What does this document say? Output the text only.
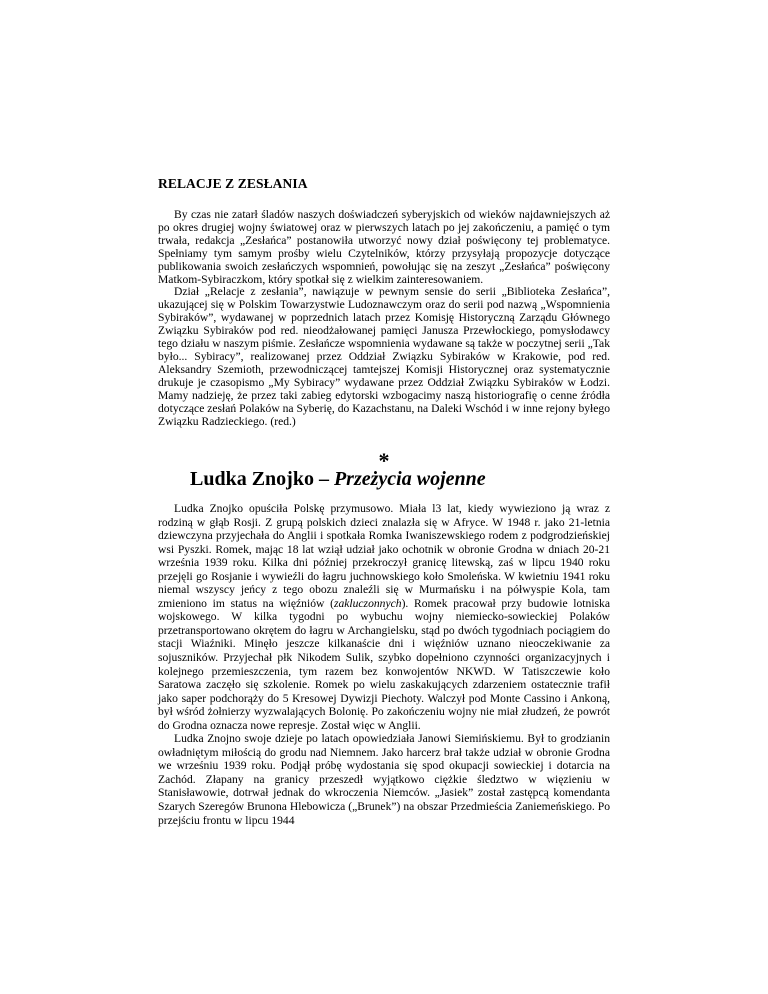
RELACJE Z ZESŁANIA

By czas nie zatarł śladów naszych doświadczeń syberyjskich od wieków najdawniejszych aż po okres drugiej wojny światowej oraz w pierwszych latach po jej zakończeniu, a pamięć o tym trwała, redakcja „Zesłańca” postanowiła utworzyć nowy dział poświęcony tej problematyce. Spełniamy tym samym prośby wielu Czytelników, którzy przysyłają propozycje dotyczące publikowania swoich zesłańczych wspomnień, powołując się na zeszyt „Zesłańca” poświęcony Matkom-Sybiraczkom, który spotkał się z wielkim zainteresowaniem.

Dział „Relacje z zesłania”, nawiązuje w pewnym sensie do serii „Biblioteka Zesłańca”, ukazującej się w Polskim Towarzystwie Ludoznawczym oraz do serii pod nazwą „Wspomnienia Sybiraków”, wydawanej w poprzednich latach przez Komisję Historyczną Zarządu Głównego Związku Sybiraków pod red. nieodżałowanej pamięci Janusza Przewłockiego, pomysłodawcy tego działu w naszym piśmie. Zesłańcze wspomnienia wydawane są także w poczytnej serii „Tak było... Sybiracy”, realizowanej przez Oddział Związku Sybiraków w Krakowie, pod red. Aleksandry Szemioth, przewodniczącej tamtejszej Komisji Historycznej oraz systematycznie drukuje je czasopismo „My Sybiracy” wydawane przez Oddział Związku Sybiraków w Łodzi. Mamy nadzieję, że przez taki zabieg edytorski wzbogacimy naszą historiografię o cenne źródła dotyczące zesłań Polaków na Syberię, do Kazachstanu, na Daleki Wschód i w inne rejony byłego Związku Radzieckiego. (red.)

*
Ludka Znojko – Przeżycia wojenne

Ludka Znojko opuściła Polskę przymusowo. Miała l3 lat, kiedy wywieziono ją wraz z rodziną w głąb Rosji. Z grupą polskich dzieci znalazła się w Afryce. W 1948 r. jako 21-letnia dziewczyna przyjechała do Anglii i spotkała Romka Iwaniszewskiego rodem z podgrodzieńskiej wsi Pyszki. Romek, mając 18 lat wziął udział jako ochotnik w obronie Grodna w dniach 20-21 września 1939 roku. Kilka dni później przekroczył granicę litewską, zaś w lipcu 1940 roku przejęli go Rosjanie i wywieźli do łagru juchnowskiego koło Smoleńska. W kwietniu 1941 roku niemal wszyscy jeńcy z tego obozu znaleźli się w Murmańsku i na półwyspie Kola, tam zmieniono im status na więźniów (zakluczonnych). Romek pracował przy budowie lotniska wojskowego. W kilka tygodni po wybuchu wojny niemiecko-sowieckiej Polaków przetransportowano okrętem do łagru w Archangielsku, stąd po dwóch tygodniach pociągiem do stacji Wiaźniki. Minęło jeszcze kilkanaście dni i więźniów uznano nieoczekiwanie za sojuszników. Przyjechał płk Nikodem Sulik, szybko dopełniono czynności organizacyjnych i kolejnego przemieszczenia, tym razem bez konwojentów NKWD. W Tatiszczewie koło Saratowa zaczęło się szkolenie. Romek po wielu zaskakujących zdarzeniem ostatecznie trafił jako saper podchorąży do 5 Kresowej Dywizji Piechoty. Walczył pod Monte Cassino i Ankoną, był wśród żołnierzy wyzwalających Bolonię. Po zakończeniu wojny nie miał złudzeń, że powrót do Grodna oznacza nowe represje. Został więc w Anglii.

Ludka Znojno swoje dzieje po latach opowiedziała Janowi Siemińskiemu. Był to grodzianin owładniętym miłością do grodu nad Niemnem. Jako harcerz brał także udział w obronie Grodna we wrześniu 1939 roku. Podjął próbę wydostania się spod okupacji sowieckiej i dotarcia na Zachód. Złapany na granicy przeszedł wyjątkowo ciężkie śledztwo w więzieniu w Stanisławowie, dotrwał jednak do wkroczenia Niemców. „Jasiek” został zastępcą komendanta Szarych Szeregów Brunona Hlebowicza („Brunek”) na obszar Przedmieścia Zaniemeńskiego. Po przejściu frontu w lipcu 1944
